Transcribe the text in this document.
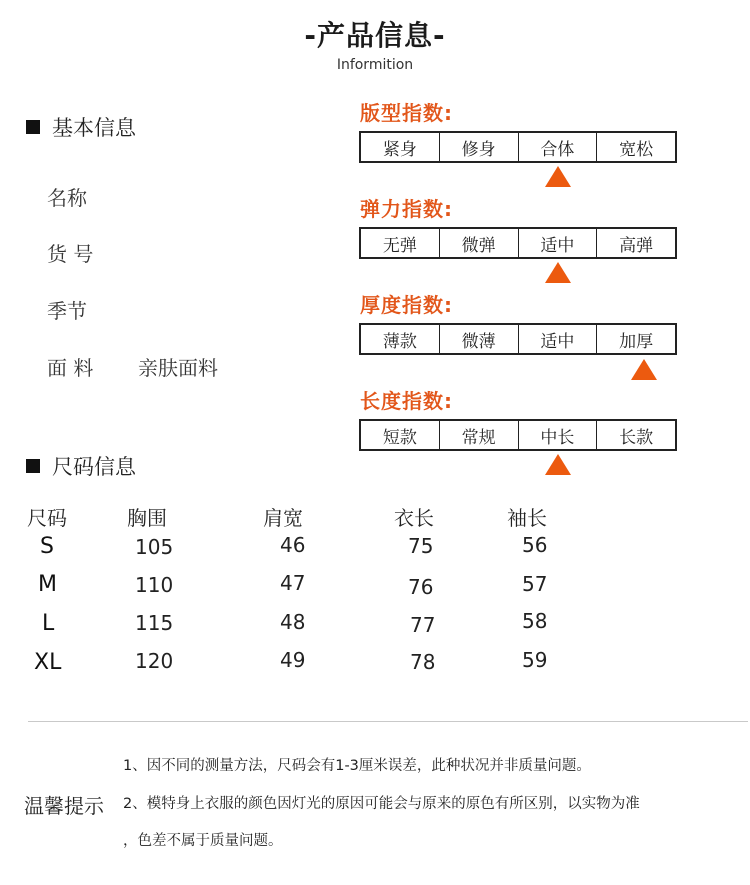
-产品信息-
Informition
基本信息
名称
货 号
季节
面 料 亲肤面料
版型指数:
紧身	修身	合体	宽松
弹力指数:
无弹	微弹	适中	高弹
厚度指数:
薄款	微薄	适中	加厚
长度指数:
短款	常规	中长	长款
尺码信息
尺码	胸围	肩宽	衣长	袖长
S	105	46	75	56
M	110	47	76	57
L	115	48	77	58
XL	120	49	78	59
温馨提示
1、因不同的测量方法，尺码会有1-3厘米误差，此种状况并非质量问题。
2、模特身上衣服的颜色因灯光的原因可能会与原来的原色有所区别，以实物为准
，色差不属于质量问题。
